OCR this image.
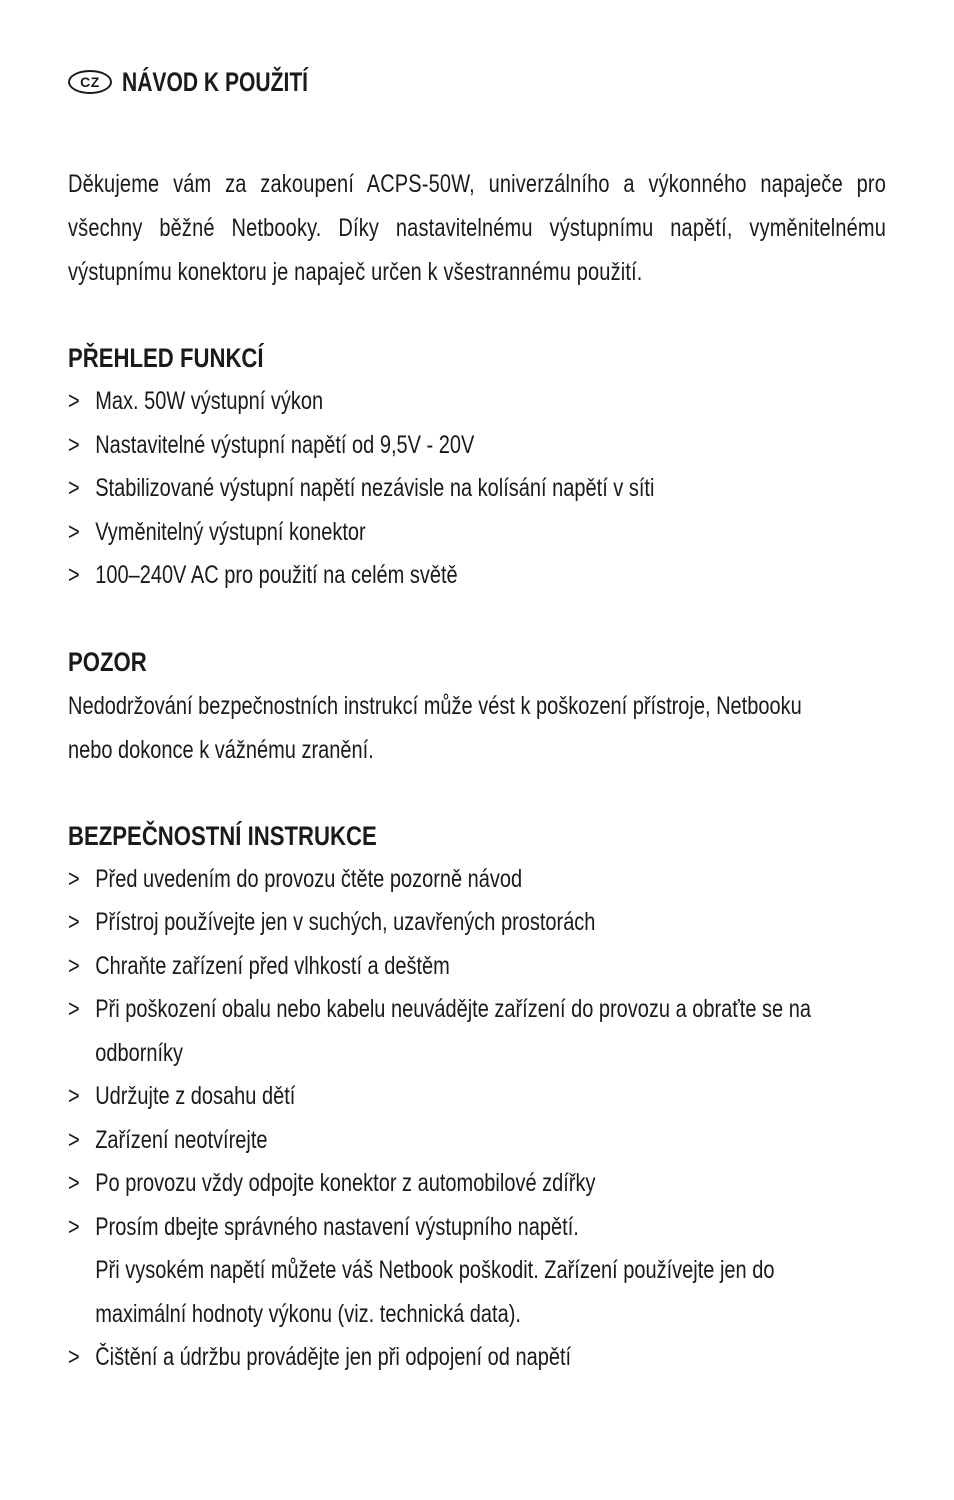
CZ NÁVOD K POUŽITÍ
Děkujeme vám za zakoupení ACPS-50W, univerzálního a výkonného napaječe pro všechny běžné Netbooky. Díky nastavitelnému výstupnímu napětí, vyměnitelnému výstupnímu konektoru je napaječ určen k všestrannému použití.
PŘEHLED FUNKCÍ
> Max. 50W výstupní výkon
> Nastavitelné výstupní napětí od 9,5V - 20V
> Stabilizované výstupní napětí nezávisle na kolísání napětí v síti
> Vyměnitelný výstupní konektor
> 100–240V AC pro použití na celém světě
POZOR
Nedodržování bezpečnostních instrukcí může vést k poškození přístroje, Netbooku nebo dokonce k vážnému zranění.
BEZPEČNOSTNÍ INSTRUKCE
> Před uvedením do provozu čtěte pozorně návod
> Přístroj používejte jen v suchých, uzavřených prostorách
> Chraňte zařízení před vlhkostí a deštěm
> Při poškození obalu nebo kabelu neuvádějte zařízení do provozu a obraťte se na odborníky
> Udržujte z dosahu dětí
> Zařízení neotvírejte
> Po provozu vždy odpojte konektor z automobilové zdířky
> Prosím dbejte správného nastavení výstupního napětí.
Při vysokém napětí můžete váš Netbook poškodit. Zařízení používejte jen do maximální hodnoty výkonu (viz. technická data).
> Čištění a údržbu provádějte jen při odpojení od napětí
